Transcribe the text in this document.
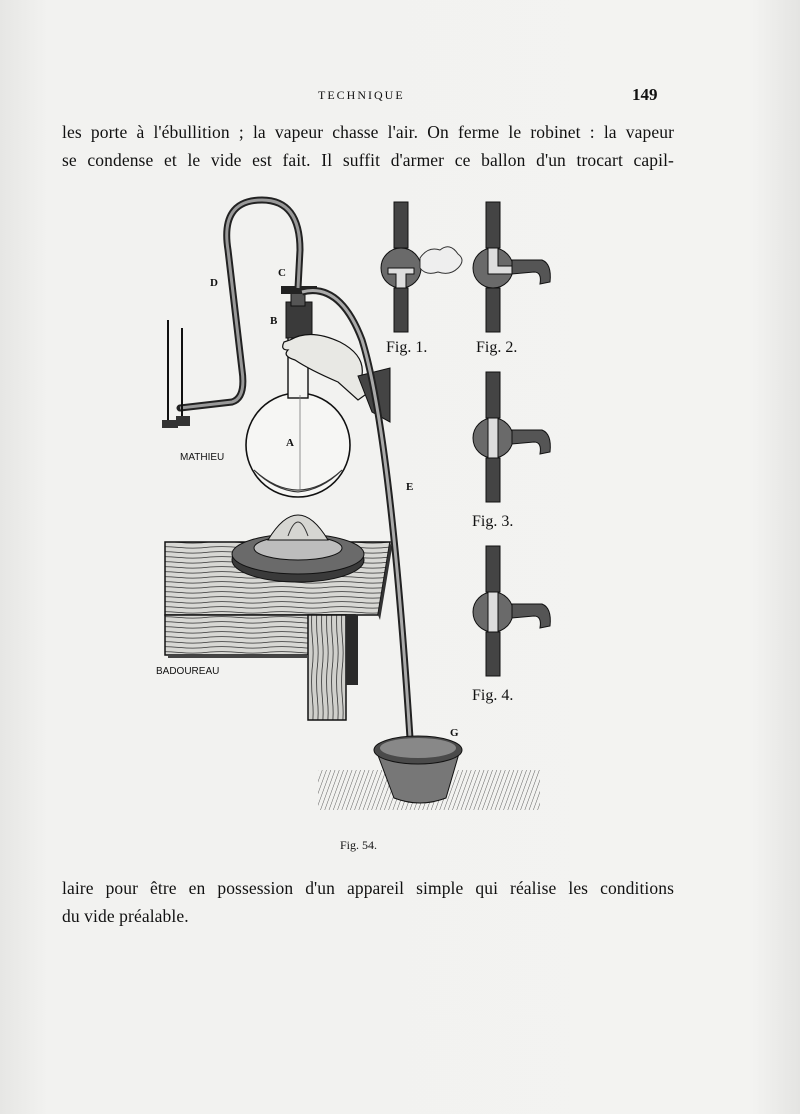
TECHNIQUE	149
les porte à l'ébullition ; la vapeur chasse l'air. On ferme le robinet : la vapeur
se condense et le vide est fait. Il suffit d'armer ce ballon d'un trocart capil-
D
C
B
A
E
G
MATHIEU
BADOUREAU
Fig. 1.	Fig. 2.
Fig. 3.
Fig. 4.
Fig. 54.
laire pour être en possession d'un appareil simple qui réalise les conditions
du vide préalable.
